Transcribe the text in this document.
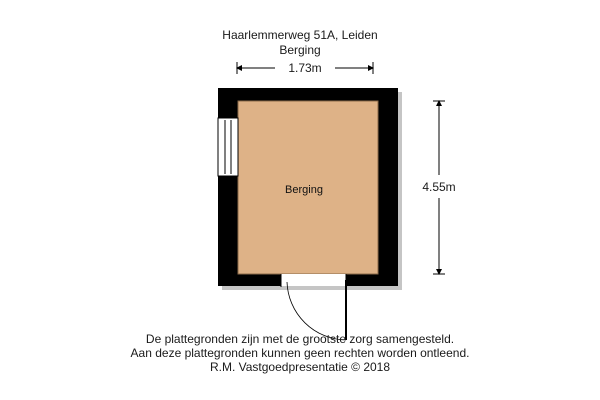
Haarlemmerweg 51A, Leiden
Berging
Berging
1.73m
4.55m
De plattegronden zijn met de grootste zorg samengesteld.
Aan deze plattegronden kunnen geen rechten worden ontleend.
R.M. Vastgoedpresentatie © 2018
